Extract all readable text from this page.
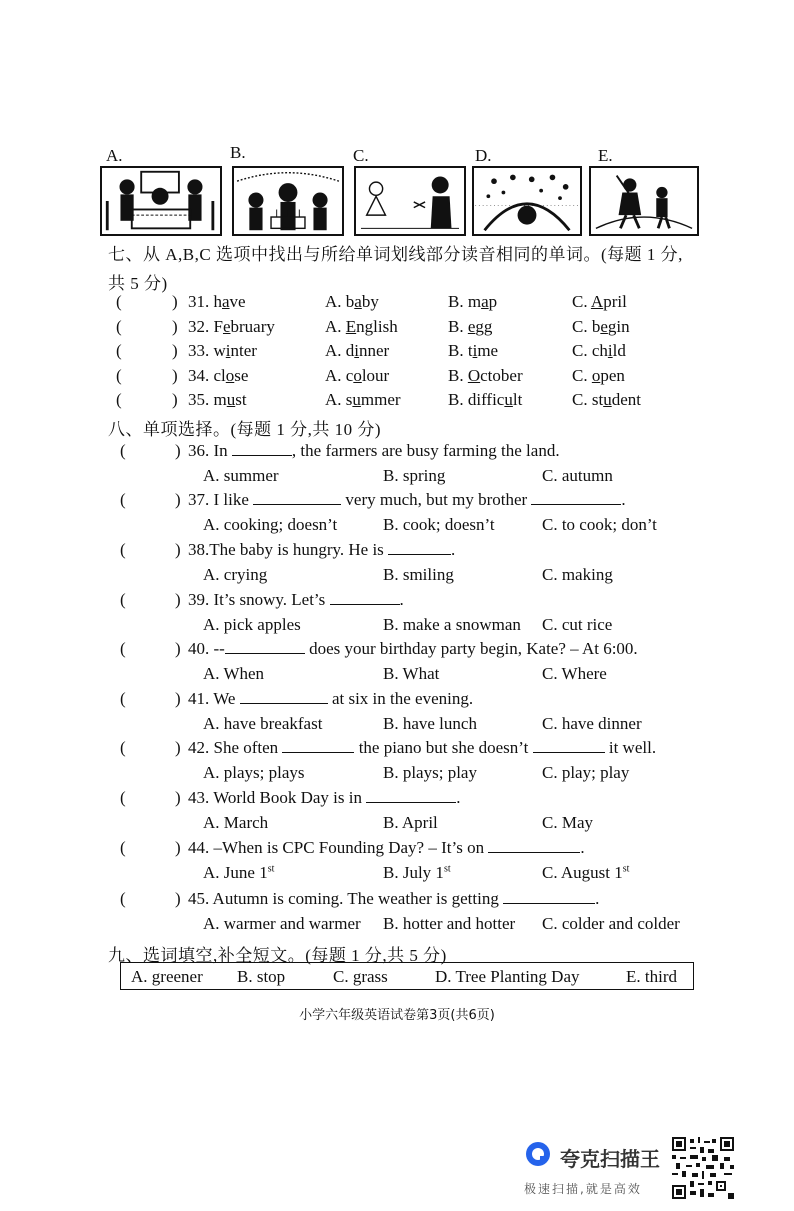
A.	B.	C.	D.	E.
七、从 A,B,C 选项中找出与所给单词划线部分读音相同的单词。(每题 1 分,
共 5 分)
(	) 31. have	A. baby	B. map	C. April
(	) 32. February	A. English	B. egg	C. begin
(	) 33. winter	A. dinner	B. time	C. child
(	) 34. close	A. colour	B. October	C. open
(	) 35. must	A. summer	B. difficult	C. student
八、单项选择。(每题 1 分,共 10 分)
(	) 36. In	, the farmers are busy farming the land.
A. summer	B. spring	C. autumn
(	) 37. I like	very much, but my brother	.
A. cooking; doesn’t	B. cook; doesn’t	C. to cook; don’t
(	) 38.The baby is hungry. He is	.
A. crying	B. smiling	C. making
(	) 39. It’s snowy. Let’s	.
A. pick apples	B. make a snowman C. cut rice
(	) 40. --	does your birthday party begin, Kate? – At 6:00.
A. When	B. What	C. Where
(	) 41. We	at six in the evening.
A. have breakfast	B. have lunch	C. have dinner
(	) 42. She often	the piano but she doesn’t	it well.
A. plays; plays	B. plays; play	C. play; play
(	) 43. World Book Day is in	.
A. March	B. April	C. May
(	) 44. –When is CPC Founding Day? – It’s on	.
A. June 1st	B. July 1st	C. August 1st
(	) 45. Autumn is coming. The weather is getting	.
A. warmer and warmer B. hotter and hotter C. colder and colder
九、选词填空,补全短文。(每题 1 分,共 5 分)
A. greener B. stop	C. grass	D. Tree Planting Day	E. third
小学六年级英语试卷第3页(共6页)
夸克扫描王
极速扫描,就是高效
